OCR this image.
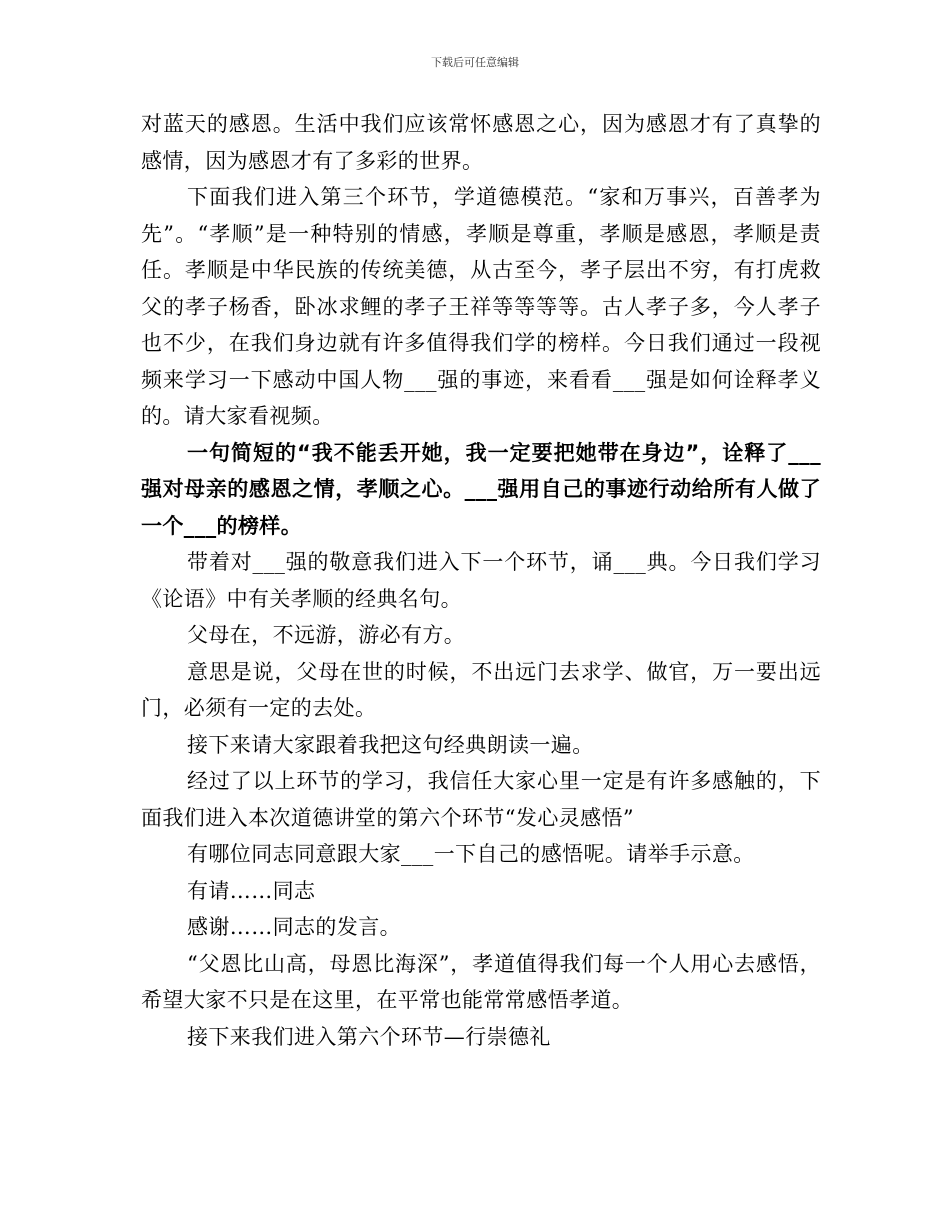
下载后可任意编辑

对蓝天的感恩。生活中我们应该常怀感恩之心，因为感恩才有了真挚的感情，因为感恩才有了多彩的世界。

下面我们进入第三个环节，学道德模范。“家和万事兴，百善孝为先”。“孝顺”是一种特别的情感，孝顺是尊重，孝顺是感恩，孝顺是责任。孝顺是中华民族的传统美德，从古至今，孝子层出不穷，有打虎救父的孝子杨香，卧冰求鲤的孝子王祥等等等等。古人孝子多，今人孝子也不少，在我们身边就有许多值得我们学的榜样。今日我们通过一段视频来学习一下感动中国人物___强的事迹，来看看___强是如何诠释孝义的。请大家看视频。

一句简短的“我不能丢开她，我一定要把她带在身边”，诠释了___强对母亲的感恩之情，孝顺之心。___强用自己的事迹行动给所有人做了一个___的榜样。

带着对___强的敬意我们进入下一个环节，诵___典。今日我们学习《论语》中有关孝顺的经典名句。

父母在，不远游，游必有方。

意思是说，父母在世的时候，不出远门去求学、做官，万一要出远门，必须有一定的去处。

接下来请大家跟着我把这句经典朗读一遍。

经过了以上环节的学习，我信任大家心里一定是有许多感触的，下面我们进入本次道德讲堂的第六个环节“发心灵感悟”

有哪位同志同意跟大家___一下自己的感悟呢。请举手示意。

有请……同志

感谢……同志的发言。

“父恩比山高，母恩比海深”，孝道值得我们每一个人用心去感悟，希望大家不只是在这里，在平常也能常常感悟孝道。

接下来我们进入第六个环节—行崇德礼
